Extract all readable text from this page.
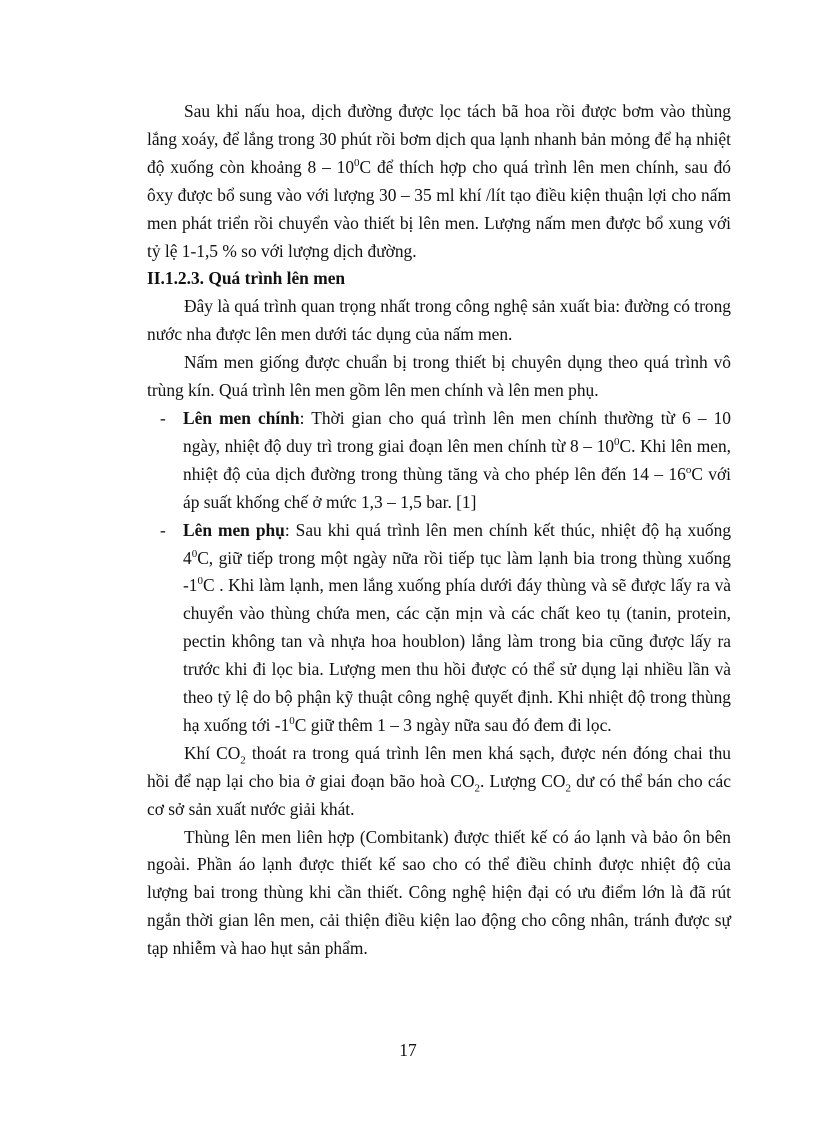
Sau khi nấu hoa, dịch đường được lọc tách bã hoa rồi được bơm vào thùng lắng xoáy, để lắng trong 30 phút rồi bơm dịch qua lạnh nhanh bản mỏng để hạ nhiệt độ xuống còn khoảng $8 - 10^0C$ để thích hợp cho quá trình lên men chính, sau đó ôxy được bổ sung vào với lượng 30 – 35 ml khí /lít tạo điều kiện thuận lợi cho nấm men phát triển rồi chuyển vào thiết bị lên men. Lượng nấm men được bổ xung với tỷ lệ 1-1,5 % so với lượng dịch đường.

II.1.2.3. Quá trình lên men

Đây là quá trình quan trọng nhất trong công nghệ sản xuất bia: đường có trong nước nha được lên men dưới tác dụng của nấm men.

Nấm men giống được chuẩn bị trong thiết bị chuyên dụng theo quá trình vô trùng kín. Quá trình lên men gồm lên men chính và lên men phụ.

- Lên men chính: Thời gian cho quá trình lên men chính thường từ 6 – 10 ngày, nhiệt độ duy trì trong giai đoạn lên men chính từ $8 - 10^0C$. Khi lên men, nhiệt độ của dịch đường trong thùng tăng và cho phép lên đến 14 – 16$^o$C với áp suất khống chế ở mức 1,3 – 1,5 bar. [1]
- Lên men phụ: Sau khi quá trình lên men chính kết thúc, nhiệt độ hạ xuống $4^0C$, giữ tiếp trong một ngày nữa rồi tiếp tục làm lạnh bia trong thùng xuống $-1^0C$ . Khi làm lạnh, men lắng xuống phía dưới đáy thùng và sẽ được lấy ra và chuyển vào thùng chứa men, các cặn mịn và các chất keo tụ (tanin, protein, pectin không tan và nhựa hoa houblon) lắng làm trong bia cũng được lấy ra trước khi đi lọc bia. Lượng men thu hồi được có thể sử dụng lại nhiều lần và theo tỷ lệ do bộ phận kỹ thuật công nghệ quyết định. Khi nhiệt độ trong thùng hạ xuống tới $-1^0C$ giữ thêm 1 – 3 ngày nữa sau đó đem đi lọc.

Khí $CO_2$ thoát ra trong quá trình lên men khá sạch, được nén đóng chai thu hồi để nạp lại cho bia ở giai đoạn bão hoà $CO_2$. Lượng $CO_2$ dư có thể bán cho các cơ sở sản xuất nước giải khát.

Thùng lên men liên hợp (Combitank) được thiết kế có áo lạnh và bảo ôn bên ngoài. Phần áo lạnh được thiết kế sao cho có thể điều chỉnh được nhiệt độ của lượng bai trong thùng khi cần thiết. Công nghệ hiện đại có ưu điểm lớn là đã rút ngắn thời gian lên men, cải thiện điều kiện lao động cho công nhân, tránh được sự tạp nhiễm và hao hụt sản phẩm.

17
